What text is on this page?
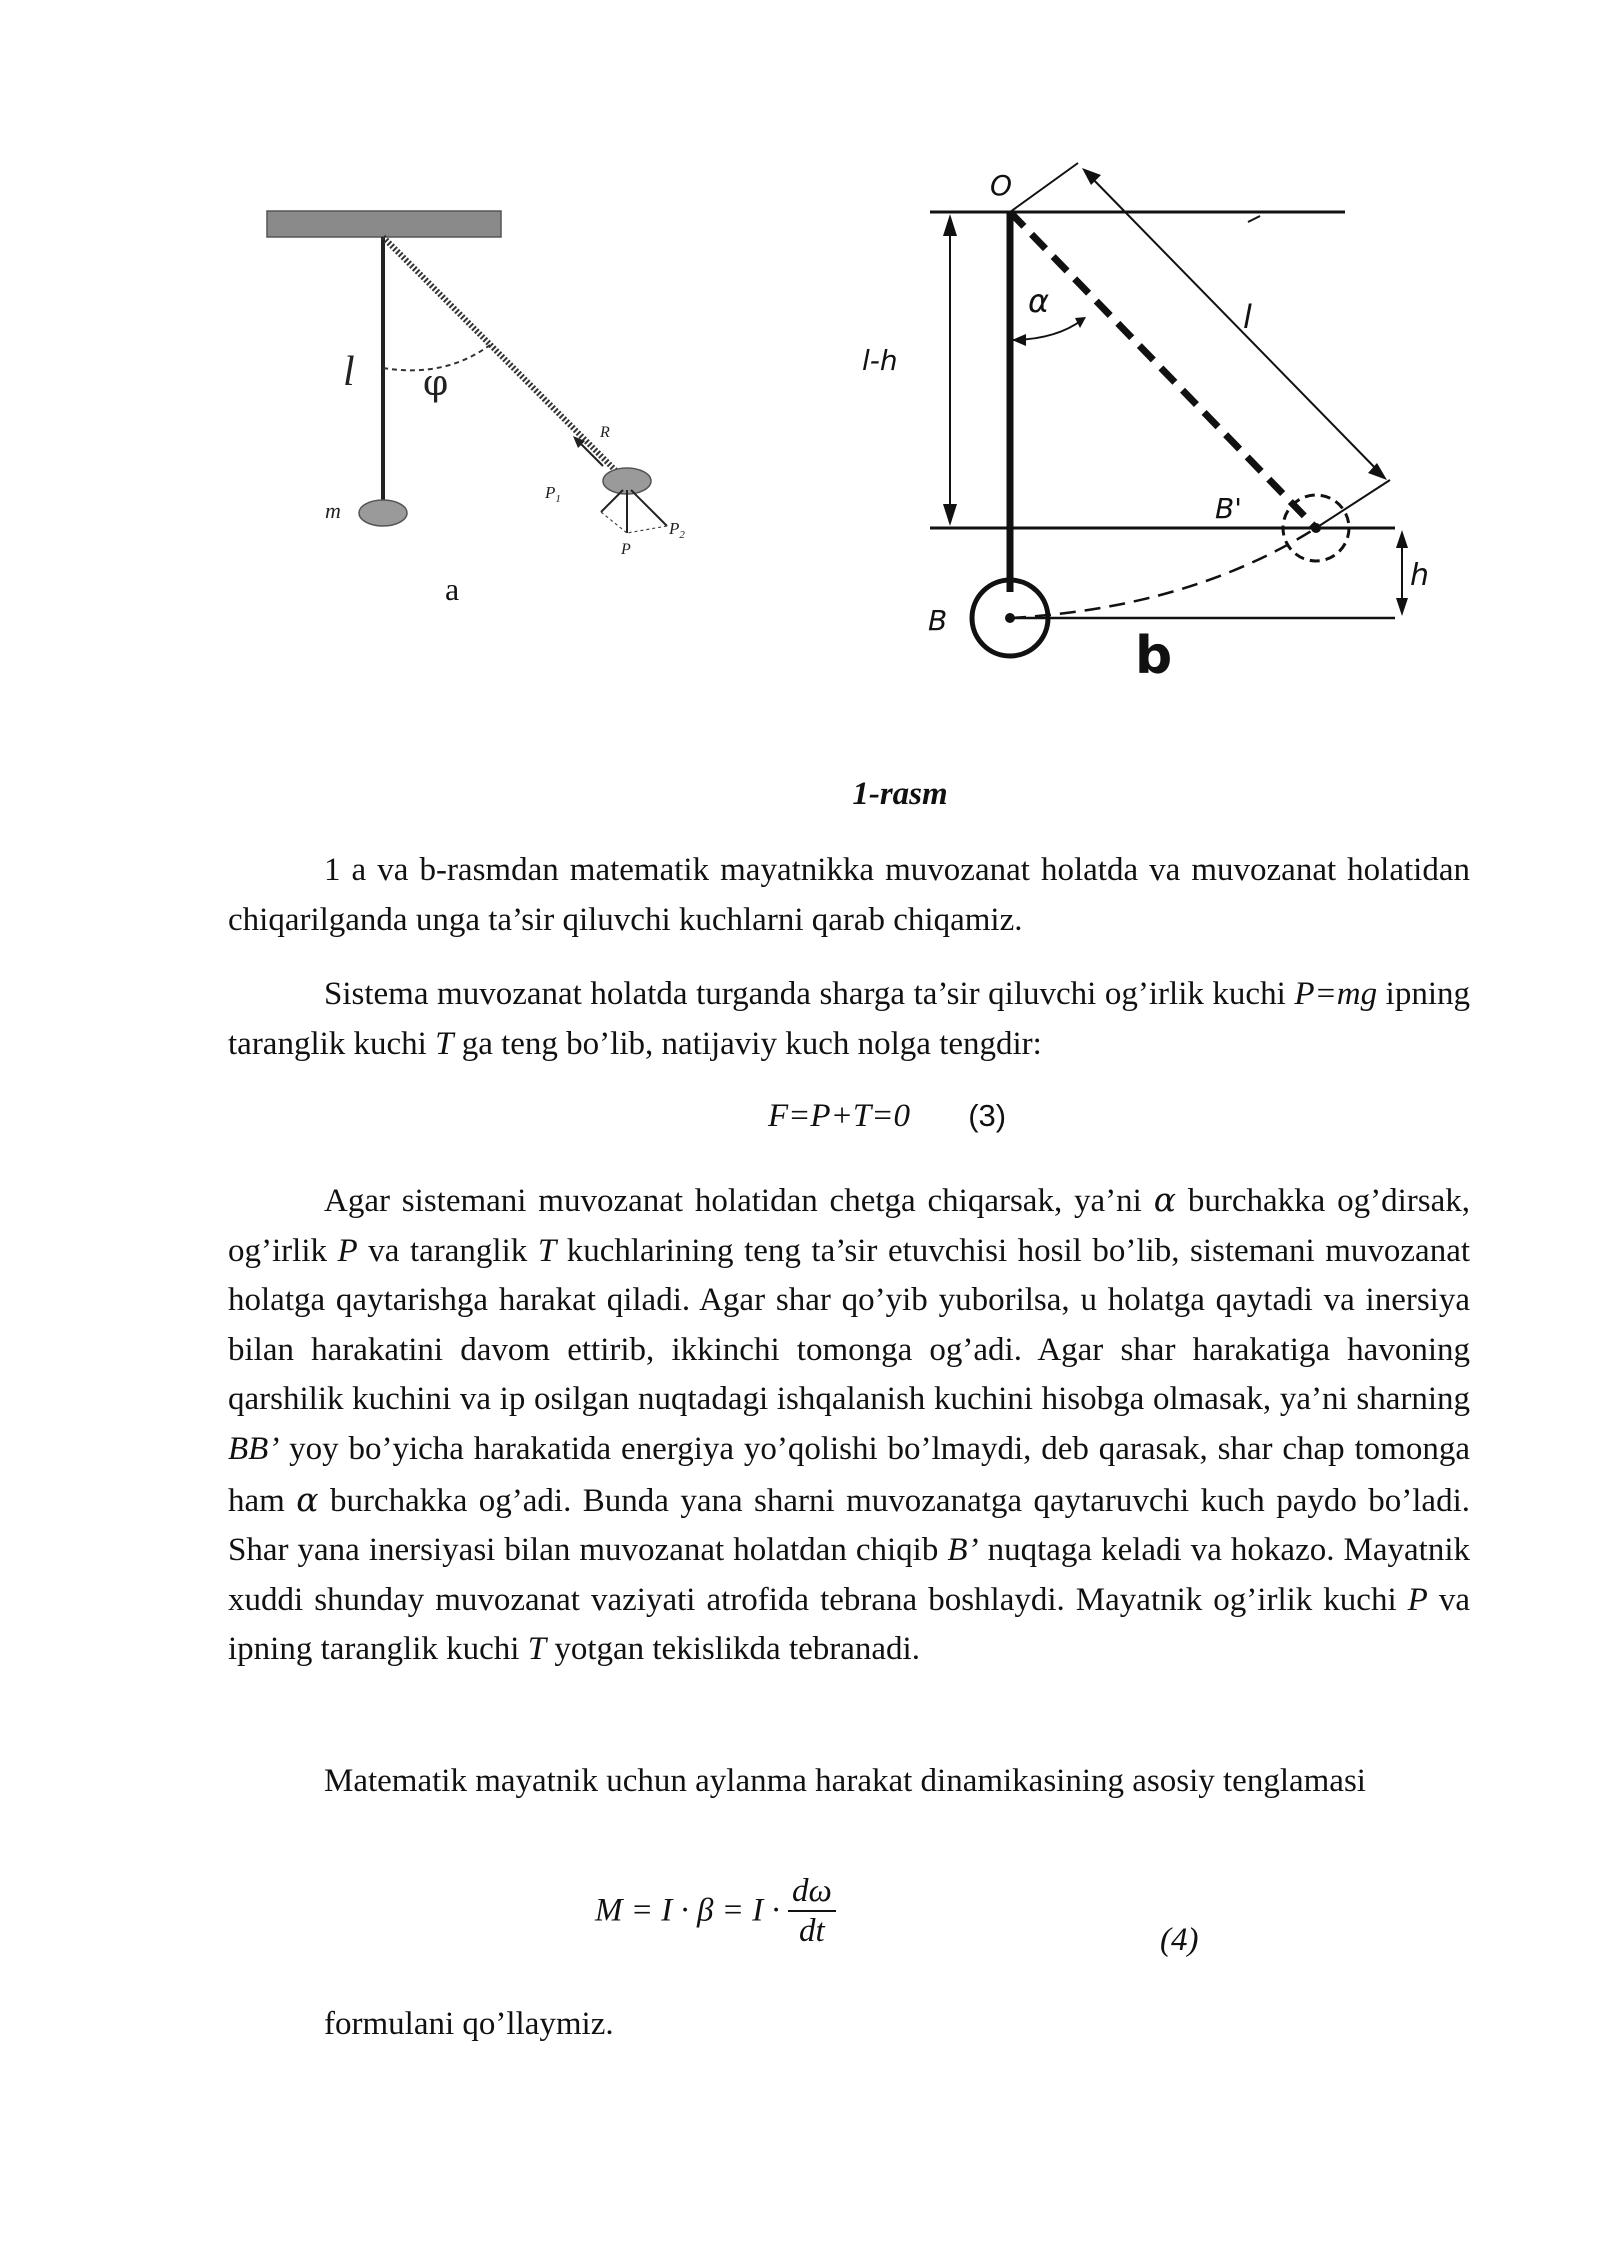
l φ
m
R
$P_1$
$P_2$
P
a
O
α	l
l-h
B'
h
B
b
1-rasm

1 a va b-rasmdan matematik mayatnikka muvozanat holatda va muvozanat holatidan chiqarilganda unga ta’sir qiluvchi kuchlarni qarab chiqamiz.

Sistema muvozanat holatda turganda sharga ta’sir qiluvchi og’irlik kuchi P=mg ipning taranglik kuchi T ga teng bo’lib, natijaviy kuch nolga tengdir:

F=P+T=0 (3)

Agar sistemani muvozanat holatidan chetga chiqarsak, ya’ni α burchakka og’dirsak, og’irlik P va taranglik T kuchlarining teng ta’sir etuvchisi hosil bo’lib, sistemani muvozanat holatga qaytarishga harakat qiladi. Agar shar qo’yib yuborilsa, u holatga qaytadi va inersiya bilan harakatini davom ettirib, ikkinchi tomonga og’adi. Agar shar harakatiga havoning qarshilik kuchini va ip osilgan nuqtadagi ishqalanish kuchini hisobga olmasak, ya’ni sharning BB’ yoy bo’yicha harakatida energiya yo’qolishi bo’lmaydi, deb qarasak, shar chap tomonga ham α burchakka og’adi. Bunda yana sharni muvozanatga qaytaruvchi kuch paydo bo’ladi. Shar yana inersiyasi bilan muvozanat holatdan chiqib B’ nuqtaga keladi va hokazo. Mayatnik xuddi shunday muvozanat vaziyati atrofida tebrana boshlaydi. Mayatnik og’irlik kuchi P va ipning taranglik kuchi T yotgan tekislikda tebranadi.

Matematik mayatnik uchun aylanma harakat dinamikasining asosiy tenglamasi

$M = I \cdot \beta = I \cdot \frac{d\omega}{dt}$	(4)

formulani qo’llaymiz.
